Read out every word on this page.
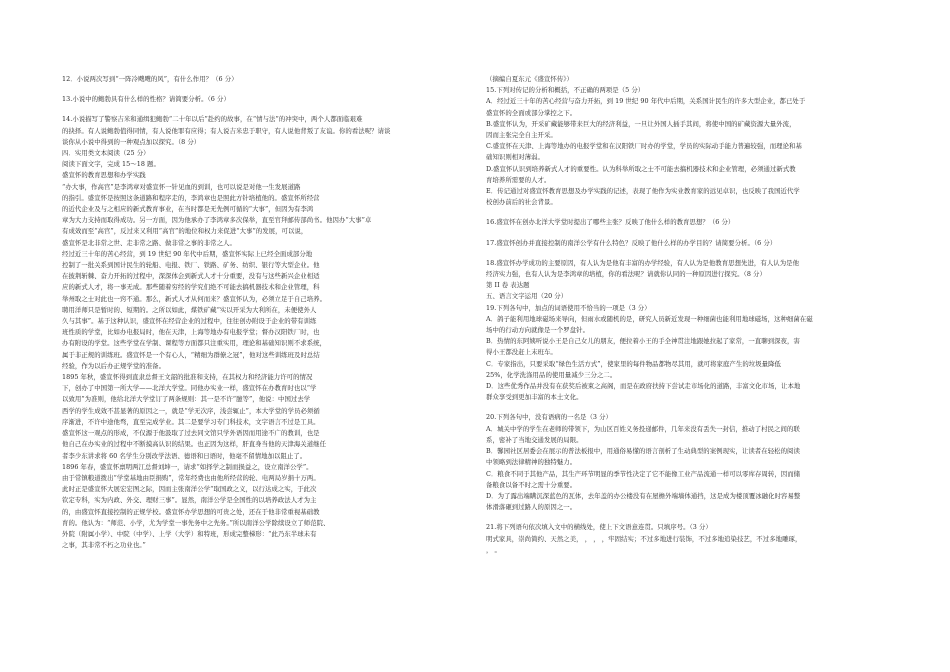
12．小说两次写到“一阵冷飕飕的风”，有什么作用？（6 分）
13.小说中的鲍勃具有什么样的性格？请简要分析。（6 分）
14.小说描写了警察吉米和通缉犯鲍勃“二十年以后”赴约的故事，在“情与法”的冲突中，两个人都面临艰难
的抉择。有人说鲍勃值得同情，有人说他罪有应得；有人说吉米忠于职守，有人说他背叛了友谊。你的看法呢？请谈
谈你从小说中得到的一种观点加以探究。（8 分）
四．实用类文本阅读（25 分）
阅读下面文字，完成 15～18 题。
盛宣怀的教育思想和办学实践
“办大事，作高官”是李鸿章对盛宣怀一针见血的到训，也可以说是对他一生发展道路
的指引。盛宣怀是按照这条道路和程序走的，李鸿章也是照此方针培植他的。盛宣怀所经营
的近代企业及与之相应的新式教育事业，在当时都是无先例可循的“大事”，但因为有李鸿
章为大力支持而取得成功。另一方面，因为他承办了李鸿章多次保举，直至官拜邮传部尚书。他因办“大事”卓
有成效而至“高官”，反过来又利用“高官”的地位和权力来促进“大事”的发展，可以说，
盛宣怀是北非常之世、走非常之路、做非常之事的非常之人。
经过近三十年的苦心经营，到 19 世纪 90 年代中后期，盛宣怀实际上已经全面成部分地
控制了一批关系到国计民生的轮船、电报、铁厂、铁路、矿务、纺织、银行等大型企业。他
在披荆斩棘、奋力开拓的过程中，深深体会到新式人才十分重要，没有与这些新兴企业相适
应的新式人才，将一事无成。那些随着穷经的学究们绝不可能去搞机器技术和企业管理，科
举州取之士对此也一窍不通。那么，新式人才从何而来？盛宣怀认为，必须立足于自己培养。
聘用洋师只是暂时的、短期的。之所以如此，煤铁矿藏“实以开采为大利所在，未便使外人
久与其事”。基于这种认识，盛宣怀在经营企业的过程中，往往创办附设于企业的带有训练
班性质的学堂，比如办电报局时，他在天津，上海等地办有电报学堂；督办汉阳铁厂时，也
办有附设的学堂。这些学堂在学制、课程等方面都只注重实用，理论和基础知识则不求系统，
属于非正规的训练班。盛宣怀是一个有心人，“精细为群僚之冠”，他对这些训练班及时总结
经验，作为以后办正规学堂的准备。
1895 年秋，盛宣怀得到直隶总督王文韶的批准和支持，在其权力和经济能力许可的情况
下，创办了中国第一所大学——北洋大学堂。同他办实业一样，盛宣怀在办教育时也以“学
以致用”为准则，他给北洋大学堂订了两条规则：其一是不许“臆等”，他说：中国过去学
西学的学生成效不甚显著的原因之一，就是“学无次序，浅尝辄止”，本大学堂的学员必须循
序渐进，不许中途他骛，直至完成学业。其二是要学习专门科技术，文字语言不过是工具。
盛宣怀这一观点的形成，不仅源于他汲取了过去同文馆只学外语因而用途不广的教训，也是
他自己在办实业的过程中不断摸高认识的结果。也正因为这样，肝直身当他的天津海关道继任
者李少东讲求将 60 名学生分别改学法语、德语和日语时，他毫不留情地加以阻止了。
1896 年春，盛宣怀禀明两江总督刘坤一，请求“如择学之制而损益之，设立南洋公学”。
由于常镇粮道拨出“学堂基地由臣捐购”，常年经费也由他所经营的轮、电两局岁捐十万两。
此时正是盛宣怀大展宏宏图之际，因而主张南洋公学“取国政之义，以行达成之实，于此次
钦定专科，实为内政、外交、理财三事”。显然，南洋公学是全国性的以培养政法人才为主
的，由盛宣怀直接控制的正规学校。盛宣怀办学思想的可贵之处，还在于他非常重视基础教
育的。他认为：“师范、小学，尤为学堂一事先务中之先务。”所以南洋公学除续设立了师范院、
外院（附属小学）、中院（中学）、上学（大学）和特班，形成完整梯形：“此乃东半球未有
之事，其非常不朽之功业也。”
（摘编自夏东元《盛宣怀传》）
15.下列对传记的分析和概括，不正确的两项是（5 分）
A．经过近三十年的苦心经营与奋力开拓，到 19 世纪 90 年代中后期，关系国计民生的许多大型企业，都已处于
盛宣怀的全面或部分掌控之下。
B.盛宣怀认为，开采矿藏能够带来巨大的经济利益，一旦让外国人插手其间，将使中国的矿藏资源大量外流，
因而主张完全自主开采。
C.盛宣怀在天津、上海等地办的电报学堂和在汉阳铁厂时办的学堂，学员的实际动手能力普遍较强，而理论和基
础知识则相对薄弱。
D.盛宣怀认识到培养新式人才的重要性。认为科举所取之士不可能去搞机器技术和企业管理，必须通过新式教
育培养所需要的人才。
E．传记通过对盛宣怀教育思想及办学实践的记述，表现了他作为实业教育家的远见卓识，也反映了我国近代学
校创办前后的社会背景。
16.盛宣怀在创办北洋大学堂时提出了哪些主张？反映了他什么样的教育思想？（6 分）
17.盛宣怀创办并直接控制的南洋公学有什么特色？反映了他什么样的办学目的？请简要分析。（6 分）
18.盛宣怀办学成功的主要原因，有人认为是他有丰富的办学经验，有人认为是他教育思想先进，有人认为是他
经济实力强，也有人认为是李鸿章的培植，你的看法呢？请就你认同的一种原因进行探究。（8 分）
第 II 卷 表达题
五、语言文字运用（20 分）
19.下列各句中，加点的词语使用不恰当的一项是（3 分）
A．鸽子能利用地球磁场来导向，但雨水或随机的是，研究人员新近发现一种细菌也能利用地球磁场，这种细菌在磁
场中的行动方向就像是一个罗盘针。
B．热情的东阿姨听说小王是自己女儿的朋友，便拉着小王的手全神贯注地跟她拉起了家常，一直聊到深夜，害
得小王都没赶上末班车。
C．专家指出，只要采取“绿色生活方式”，使家里的每件物品都物尽其用，就可将家庭产生的垃圾量降低
25%，化学洗涤用品的使用量减少三分之二。
D．这些优秀作品并没有在获奖后被束之高阁，而是在政府扶持下尝试走市场化的道路，丰富文化市场，让本地
群众享受到更加丰富的本土文化。
20.下列各句中，没有语病的一名是（3 分）
A．城关中学的学生在老师的带领下，为山区百姓义务投递邮件，几年来没有丢失一封信，推动了村民之间的联
系，密补了当地交通发展的局限。
B．馨园社区居委会在展示的普法板报中，用通俗易懂的语言剖析了生动典型的案例现实，让读者在轻松的阅读
中领略到法律精神的独特魅力。
C．粮食不同于其他产品，其生产环节明显的季节性决定了它不能像工业产品流通一样可以零库存周转，因而储
备粮食以备不时之需十分重要。
D．为了露出端瞒沉深蓝色的瓦体，去年盖的办公楼没有在屋檐外端墙体通挡，这是成为楼顶覆冰融化时容易整
体滑落砸到过路人的原因之一。
21.将下列语句依次填入文中的横线处，使上下文语意连贯。只填序号。（3 分）
明式家具，崇尚简约、天然之美， ， ， ，牢固结实；不过多地进行装饰，不过多地追染技艺，不过多地雕琢，
， 。
